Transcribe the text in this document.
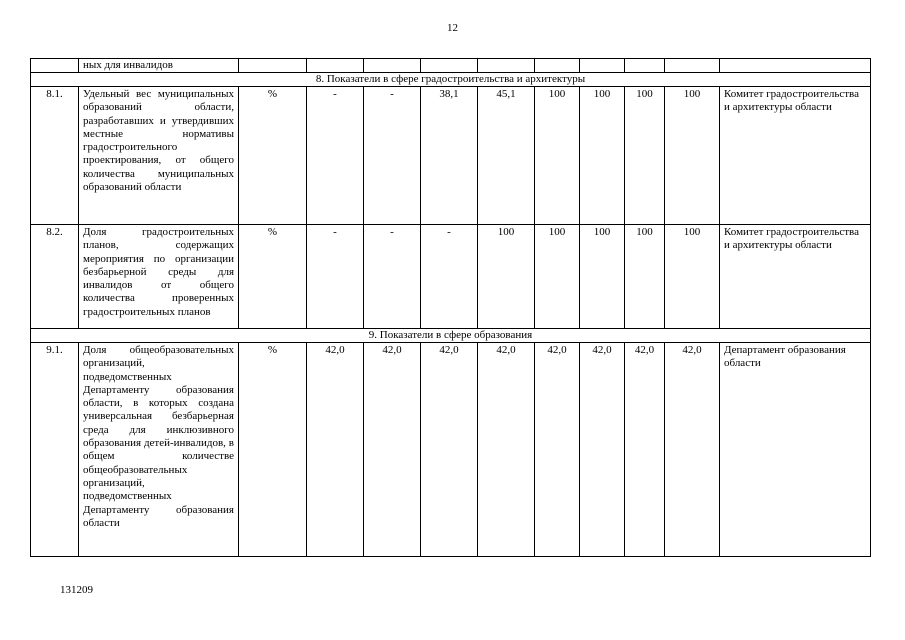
12
	ных для инвалидов										
8. Показатели в сфере градостроительства и архитектуры											
8.1.	Удельный вес муниципальных образований области, разработавших и утвердивших местные нормативы градостроительного проектирования, от общего количества муниципальных образований области	%	-	-	38,1	45,1	100	100	100	100	Комитет градостроительства и архитектуры области
8.2.	Доля градостроительных планов, содержащих мероприятия по организации безбарьерной среды для инвалидов от общего количества проверенных градостроительных планов	%	-	-	-	100	100	100	100	100	Комитет градостроительства и архитектуры области
9. Показатели в сфере образования											
9.1.	Доля общеобразовательных организаций, подведомственных Департаменту образования области, в которых создана универсальная безбарьерная среда для инклюзивного образования детей-инвалидов, в общем количестве общеобразовательных организаций, подведомственных Департаменту образования области	%	42,0	42,0	42,0	42,0	42,0	42,0	42,0	42,0	Департамент образования области
131209
